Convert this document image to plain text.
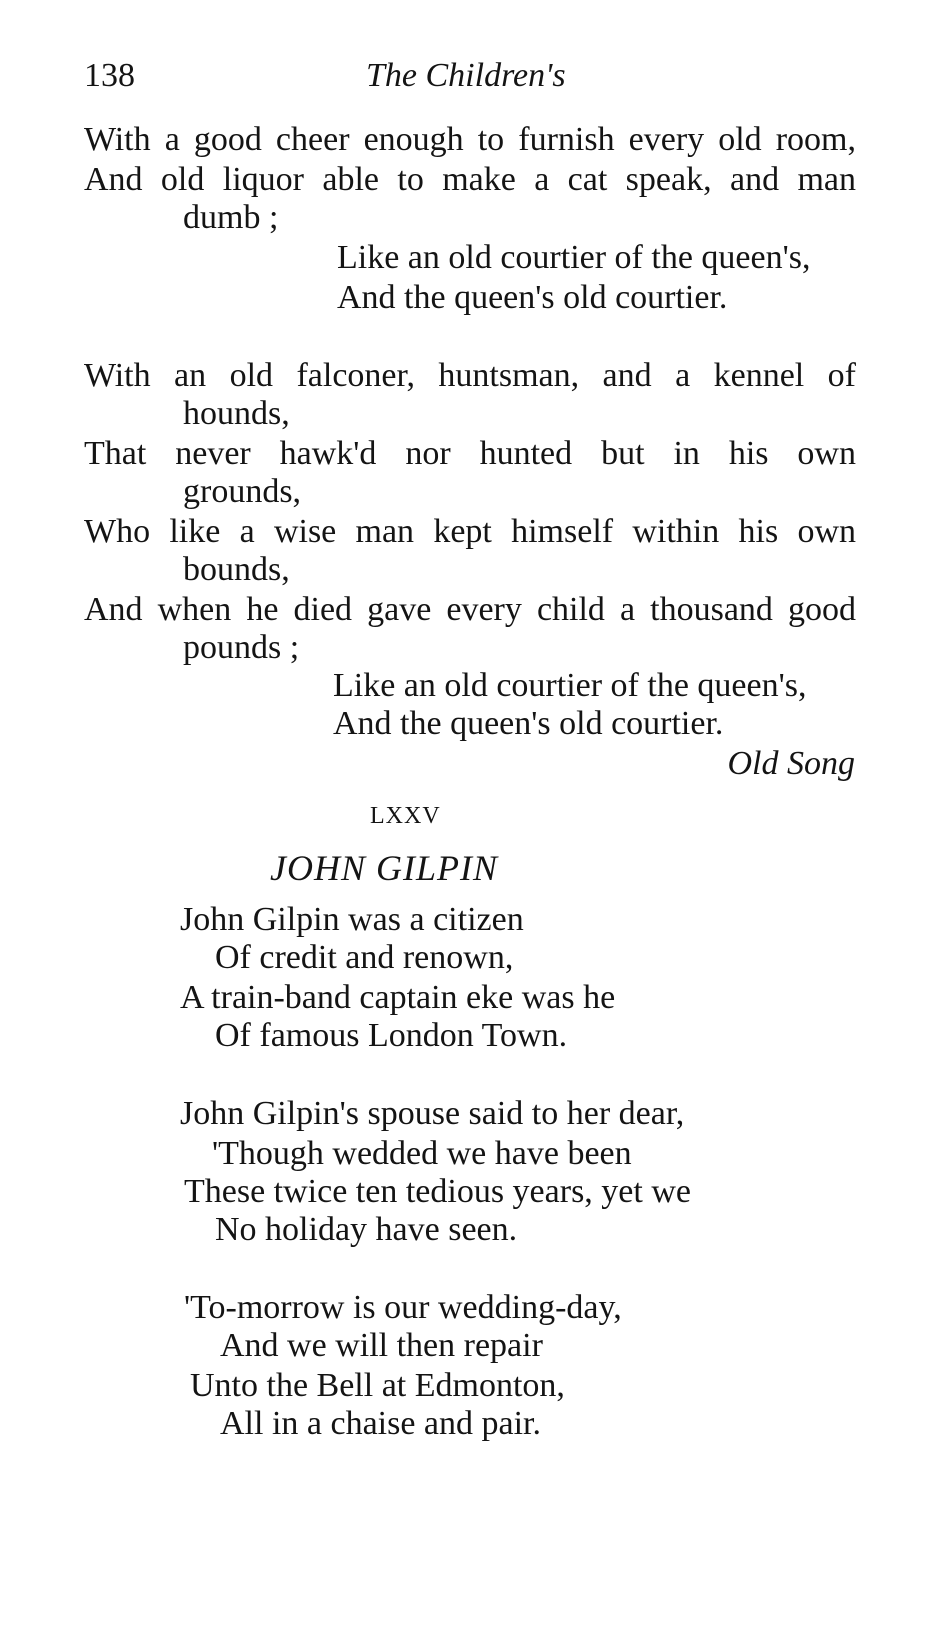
138	The Children's
With a good cheer enough to furnish every old room,
And old liquor able to make a cat speak, and man
dumb ;
Like an old courtier of the queen's,
And the queen's old courtier.
With an old falconer, huntsman, and a kennel of
hounds,
That never hawk'd nor hunted but in his own
grounds,
Who like a wise man kept himself within his own
bounds,
And when he died gave every child a thousand good
pounds ;
Like an old courtier of the queen's,
And the queen's old courtier.
Old Song
LXXV
JOHN GILPIN
John Gilpin was a citizen
Of credit and renown,
A train-band captain eke was he
Of famous London Town.
John Gilpin's spouse said to her dear,
'Though wedded we have been
These twice ten tedious years, yet we
No holiday have seen.
'To-morrow is our wedding-day,
And we will then repair
Unto the Bell at Edmonton,
All in a chaise and pair.
